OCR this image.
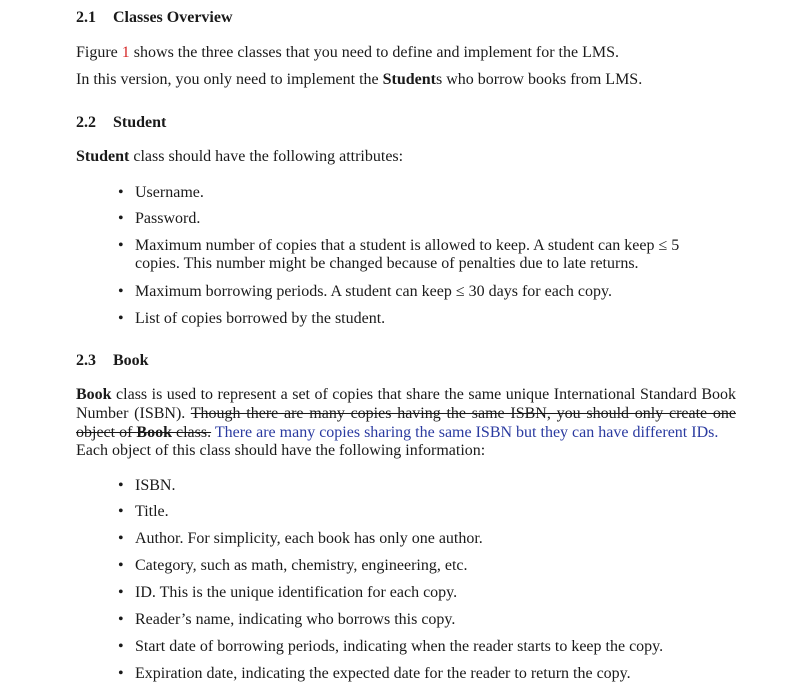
2.1 Classes Overview
Figure 1 shows the three classes that you need to define and implement for the LMS.
In this version, you only need to implement the Students who borrow books from LMS.
2.2 Student
Student class should have the following attributes:
• Username.
• Password.
• Maximum number of copies that a student is allowed to keep. A student can keep ≤ 5
copies. This number might be changed because of penalties due to late returns.
• Maximum borrowing periods. A student can keep ≤ 30 days for each copy.
• List of copies borrowed by the student.
2.3 Book
Book class is used to represent a set of copies that share the same unique International Standard Book
Number (ISBN). Though there are many copies having the same ISBN, you should only create one
object of Book class. There are many copies sharing the same ISBN but they can have different IDs.
Each object of this class should have the following information:
• ISBN.
• Title.
• Author. For simplicity, each book has only one author.
• Category, such as math, chemistry, engineering, etc.
• ID. This is the unique identification for each copy.
• Reader’s name, indicating who borrows this copy.
• Start date of borrowing periods, indicating when the reader starts to keep the copy.
• Expiration date, indicating the expected date for the reader to return the copy.
